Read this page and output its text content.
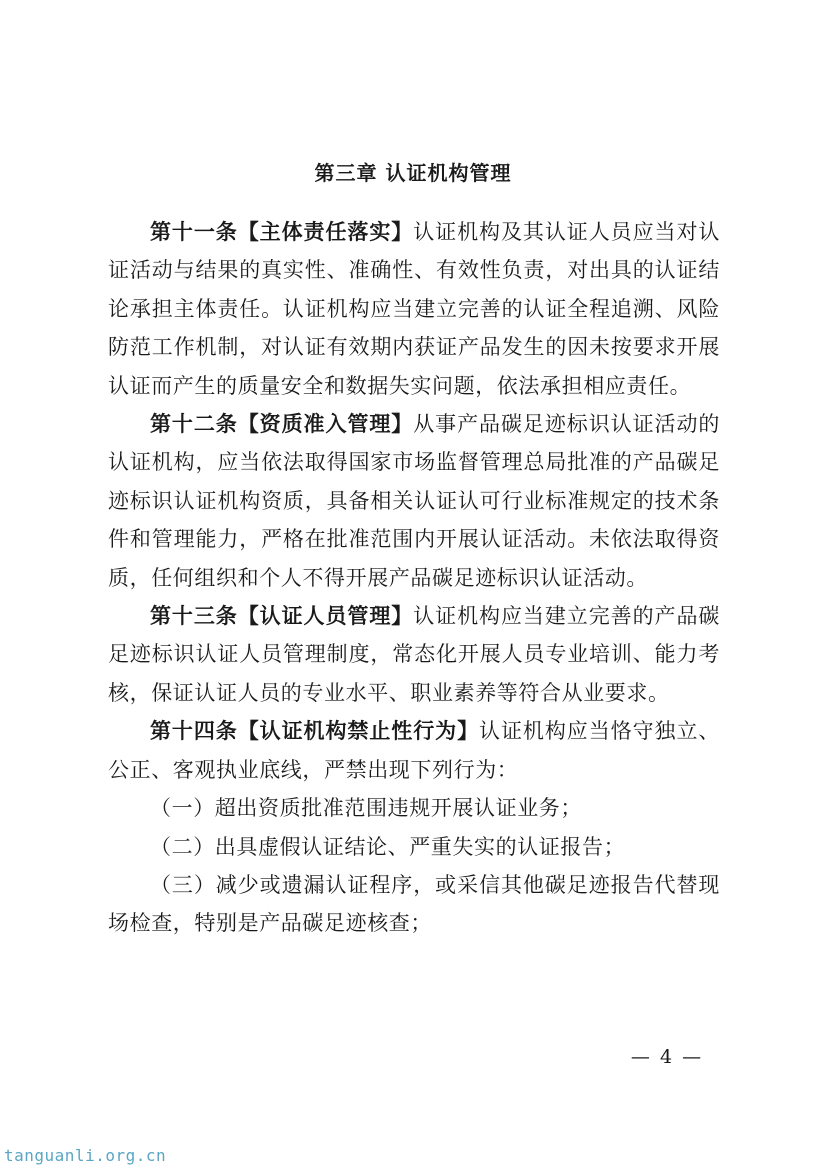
第三章 认证机构管理

第十一条【主体责任落实】认证机构及其认证人员应当对认证活动与结果的真实性、准确性、有效性负责，对出具的认证结论承担主体责任。认证机构应当建立完善的认证全程追溯、风险防范工作机制，对认证有效期内获证产品发生的因未按要求开展认证而产生的质量安全和数据失实问题，依法承担相应责任。

第十二条【资质准入管理】从事产品碳足迹标识认证活动的认证机构，应当依法取得国家市场监督管理总局批准的产品碳足迹标识认证机构资质，具备相关认证认可行业标准规定的技术条件和管理能力，严格在批准范围内开展认证活动。未依法取得资质，任何组织和个人不得开展产品碳足迹标识认证活动。

第十三条【认证人员管理】认证机构应当建立完善的产品碳足迹标识认证人员管理制度，常态化开展人员专业培训、能力考核，保证认证人员的专业水平、职业素养等符合从业要求。

第十四条【认证机构禁止性行为】认证机构应当恪守独立、公正、客观执业底线，严禁出现下列行为：

（一）超出资质批准范围违规开展认证业务；

（二）出具虚假认证结论、严重失实的认证报告；

（三）减少或遗漏认证程序，或采信其他碳足迹报告代替现场检查，特别是产品碳足迹核查；

— 4 —
tanguanli.org.cn
